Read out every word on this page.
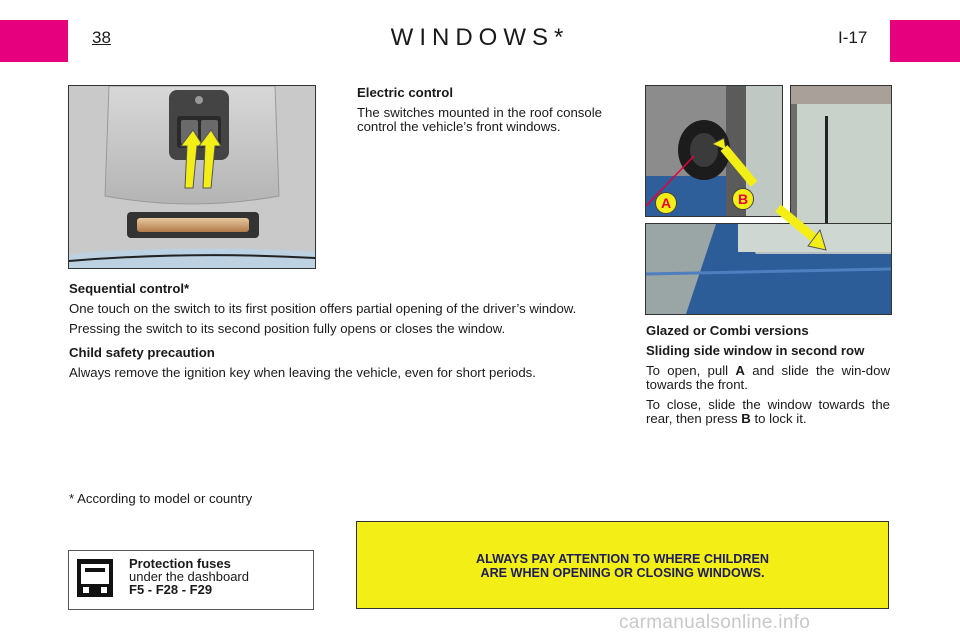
38	WINDOWS*	I-17
A	B

Electric control

The switches mounted in the roof console control the vehicle’s front windows.

Sequential control*

One touch on the switch to its first position offers partial opening of the driver’s window.

Pressing the switch to its second position fully opens or closes the window.

Child safety precaution

Always remove the ignition key when leaving the vehicle, even for short periods.

* According to model or country

Glazed or Combi versions

Sliding side window in second row

To open, pull A and slide the win-dow towards the front.

To close, slide the window towards the rear, then press B to lock it.

ALWAYS PAY ATTENTION TO WHERE CHILDREN
ARE WHEN OPENING OR CLOSING WINDOWS.
Protection fuses
under the dashboard
F5 - F28 - F29
carmanualsonline.info
